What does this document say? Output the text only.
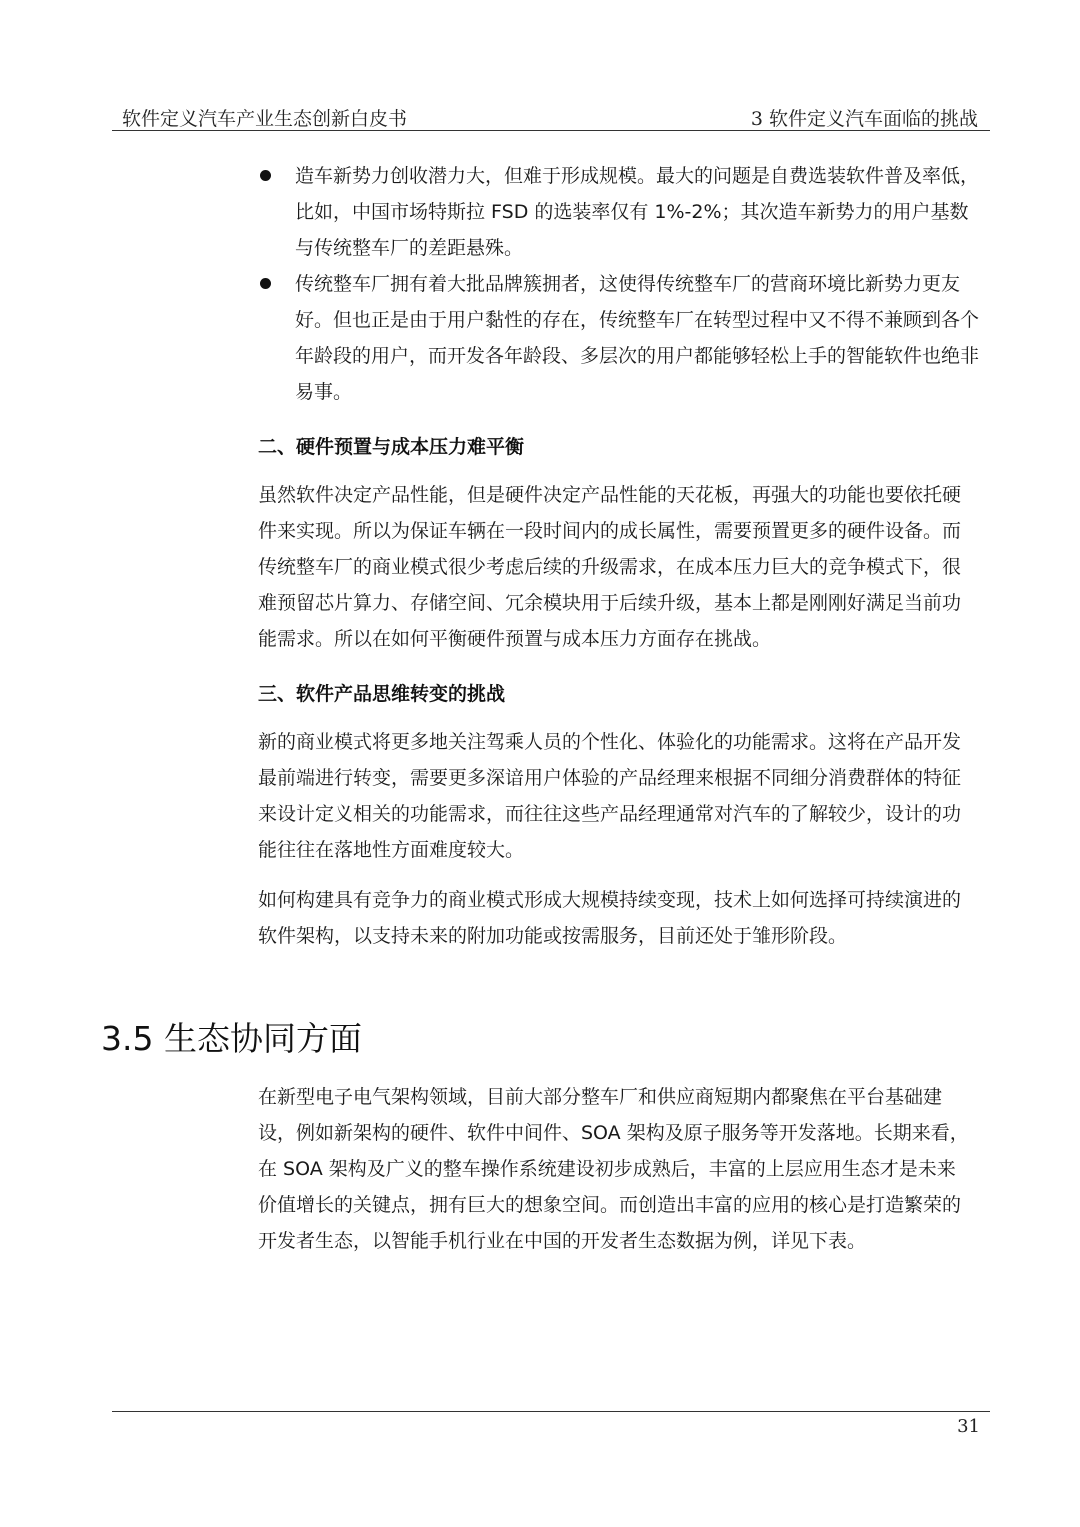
软件定义汽车产业生态创新白皮书	3 软件定义汽车面临的挑战
造车新势力创收潜力大，但难于形成规模。最大的问题是自费选装软件普及率低，比如，中国市场特斯拉 FSD 的选装率仅有 1%-2%；其次造车新势力的用户基数与传统整车厂的差距悬殊。
传统整车厂拥有着大批品牌簇拥者，这使得传统整车厂的营商环境比新势力更友好。但也正是由于用户黏性的存在，传统整车厂在转型过程中又不得不兼顾到各个年龄段的用户，而开发各年龄段、多层次的用户都能够轻松上手的智能软件也绝非易事。
二、硬件预置与成本压力难平衡

虽然软件决定产品性能，但是硬件决定产品性能的天花板，再强大的功能也要依托硬件来实现。所以为保证车辆在一段时间内的成长属性，需要预置更多的硬件设备。而传统整车厂的商业模式很少考虑后续的升级需求，在成本压力巨大的竞争模式下，很难预留芯片算力、存储空间、冗余模块用于后续升级，基本上都是刚刚好满足当前功能需求。所以在如何平衡硬件预置与成本压力方面存在挑战。

三、软件产品思维转变的挑战

新的商业模式将更多地关注驾乘人员的个性化、体验化的功能需求。这将在产品开发最前端进行转变，需要更多深谙用户体验的产品经理来根据不同细分消费群体的特征来设计定义相关的功能需求，而往往这些产品经理通常对汽车的了解较少，设计的功能往往在落地性方面难度较大。

如何构建具有竞争力的商业模式形成大规模持续变现，技术上如何选择可持续演进的软件架构，以支持未来的附加功能或按需服务，目前还处于雏形阶段。

3.5 生态协同方面

在新型电子电气架构领域，目前大部分整车厂和供应商短期内都聚焦在平台基础建设，例如新架构的硬件、软件中间件、SOA 架构及原子服务等开发落地。长期来看，在 SOA 架构及广义的整车操作系统建设初步成熟后，丰富的上层应用生态才是未来价值增长的关键点，拥有巨大的想象空间。而创造出丰富的应用的核心是打造繁荣的开发者生态，以智能手机行业在中国的开发者生态数据为例，详见下表。

31
